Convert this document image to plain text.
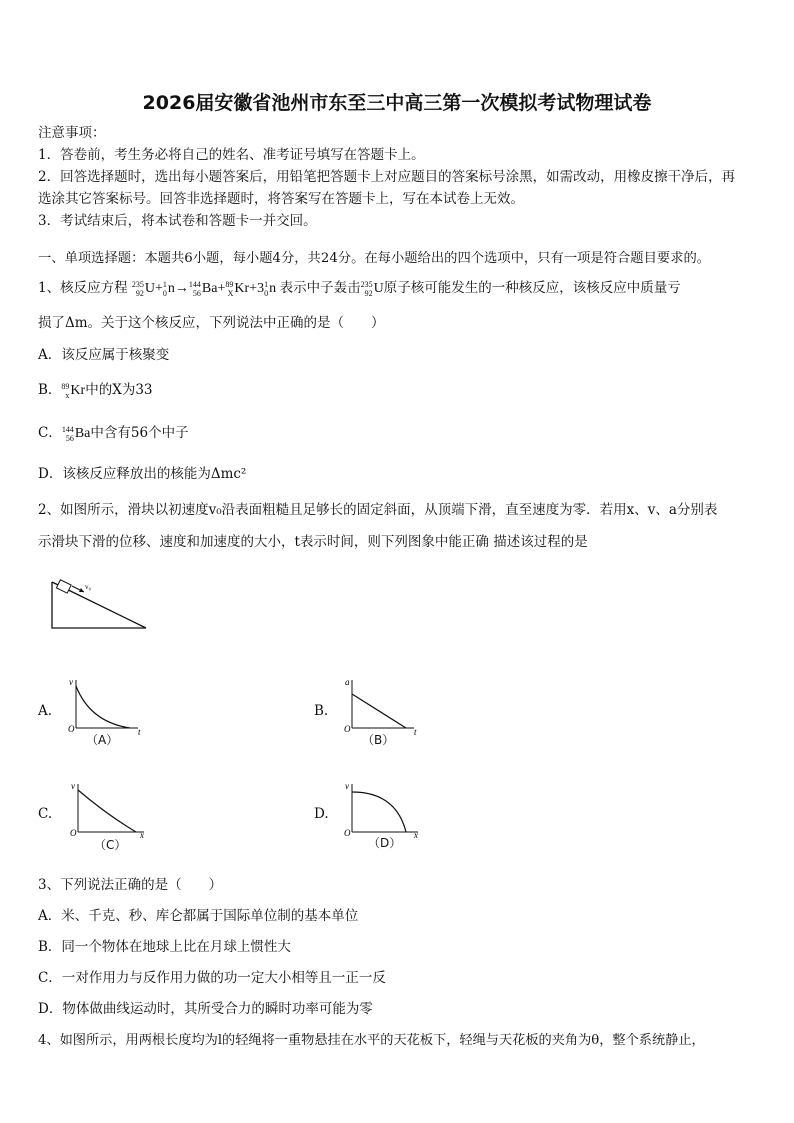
2026届安徽省池州市东至三中高三第一次模拟考试物理试卷
注意事项：
1．答卷前，考生务必将自己的姓名、准考证号填写在答题卡上。
2．回答选择题时，选出每小题答案后，用铅笔把答题卡上对应题目的答案标号涂黑，如需改动，用橡皮擦干净后，再
选涂其它答案标号。回答非选择题时，将答案写在答题卡上，写在本试卷上无效。
3．考试结束后，将本试卷和答题卡一并交回。
一、单项选择题：本题共6小题，每小题4分，共24分。在每小题给出的四个选项中，只有一项是符合题目要求的。
1、核反应方程 235
92 U+ 1
0 n→ 144
56 Ba+ 89
X Kr+3 1
0 n 表示中子轰击 235
92 U原子核可能发生的一种核反应，该核反应中质量亏
损了Δm。关于这个核反应，下列说法中正确的是（　　）
A．该反应属于核聚变
B． 89
x Kr中的X为33
C． 144
56 Ba中含有56个中子
D．该核反应释放出的核能为Δmc²
2、如图所示，滑块以初速度v₀沿表面粗糙且足够长的固定斜面，从顶端下滑，直至速度为零．若用x、v、a分别表
示滑块下滑的位移、速度和加速度的大小，t表示时间，则下列图象中能正确 描述该过程的是
v₀
A.
v
t
O
（A）
B.
a
t
O
（B）
C.
v
x
O
（C）
D.
v
x
O
（D）
3、下列说法正确的是（　　）
A．米、千克、秒、库仑都属于国际单位制的基本单位
B．同一个物体在地球上比在月球上惯性大
C．一对作用力与反作用力做的功一定大小相等且一正一反
D．物体做曲线运动时，其所受合力的瞬时功率可能为零
4、如图所示，用两根长度均为l的轻绳将一重物悬挂在水平的天花板下，轻绳与天花板的夹角为θ，整个系统静止，
